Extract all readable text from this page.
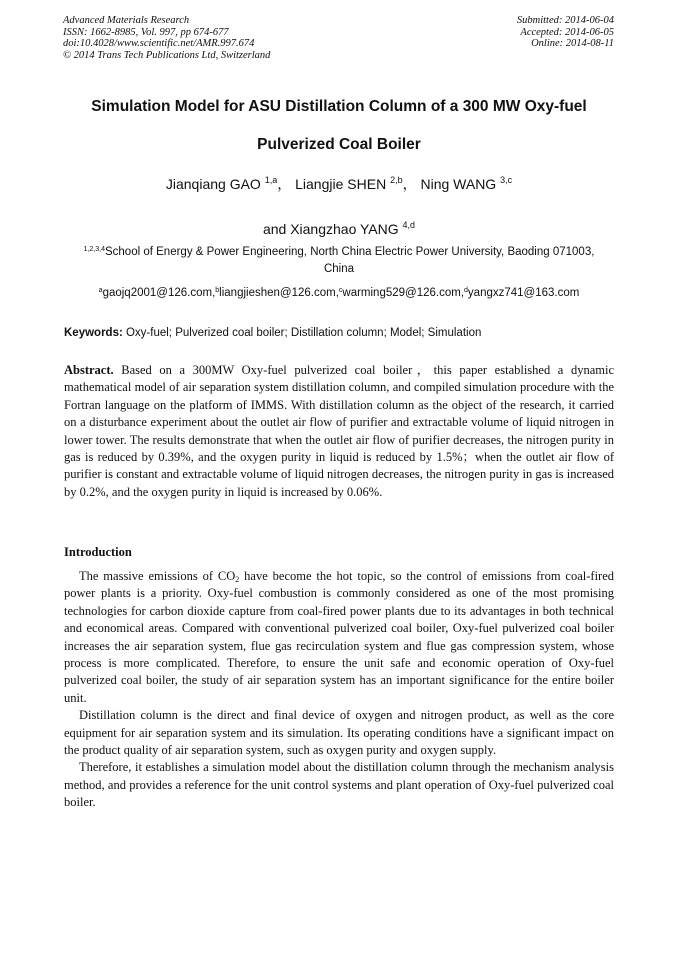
Advanced Materials Research
ISSN: 1662-8985, Vol. 997, pp 674-677
doi:10.4028/www.scientific.net/AMR.997.674
© 2014 Trans Tech Publications Ltd, Switzerland
Submitted: 2014-06-04
Accepted: 2014-06-05
Online: 2014-08-11
Simulation Model for ASU Distillation Column of a 300 MW Oxy-fuel
Pulverized Coal Boiler
Jianqiang GAO $^{1,a}$， Liangjie SHEN $^{2,b}$， Ning WANG $^{3,c}$
and Xiangzhao YANG $^{4,d}$
$^{1,2,3,4}$School of Energy & Power Engineering, North China Electric Power University, Baoding 071003, China
$^a$gaojq2001@126.com,$^b$liangjieshen@126.com,$^c$warming529@126.com,$^d$yangxz741@163.com
Keywords: Oxy-fuel; Pulverized coal boiler; Distillation column; Model; Simulation
Abstract. Based on a 300MW Oxy-fuel pulverized coal boiler，this paper established a dynamic mathematical model of air separation system distillation column, and compiled simulation procedure with the Fortran language on the platform of IMMS. With distillation column as the object of the research, it carried on a disturbance experiment about the outlet air flow of purifier and extractable volume of liquid nitrogen in lower tower. The results demonstrate that when the outlet air flow of purifier decreases, the nitrogen purity in gas is reduced by 0.39%, and the oxygen purity in liquid is reduced by 1.5%；when the outlet air flow of purifier is constant and extractable volume of liquid nitrogen decreases, the nitrogen purity in gas is increased by 0.2%, and the oxygen purity in liquid is increased by 0.06%.
Introduction

The massive emissions of $CO_2$ have become the hot topic, so the control of emissions from coal-fired power plants is a priority. Oxy-fuel combustion is commonly considered as one of the most promising technologies for carbon dioxide capture from coal-fired power plants due to its advantages in both technical and economical areas. Compared with conventional pulverized coal boiler, Oxy-fuel pulverized coal boiler increases the air separation system, flue gas recirculation system and flue gas compression system, whose process is more complicated. Therefore, to ensure the unit safe and economic operation of Oxy-fuel pulverized coal boiler, the study of air separation system has an important significance for the entire boiler unit.

Distillation column is the direct and final device of oxygen and nitrogen product, as well as the core equipment for air separation system and its simulation. Its operating conditions have a significant impact on the product quality of air separation system, such as oxygen purity and oxygen supply.

Therefore, it establishes a simulation model about the distillation column through the mechanism analysis method, and provides a reference for the unit control systems and plant operation of Oxy-fuel pulverized coal boiler.
